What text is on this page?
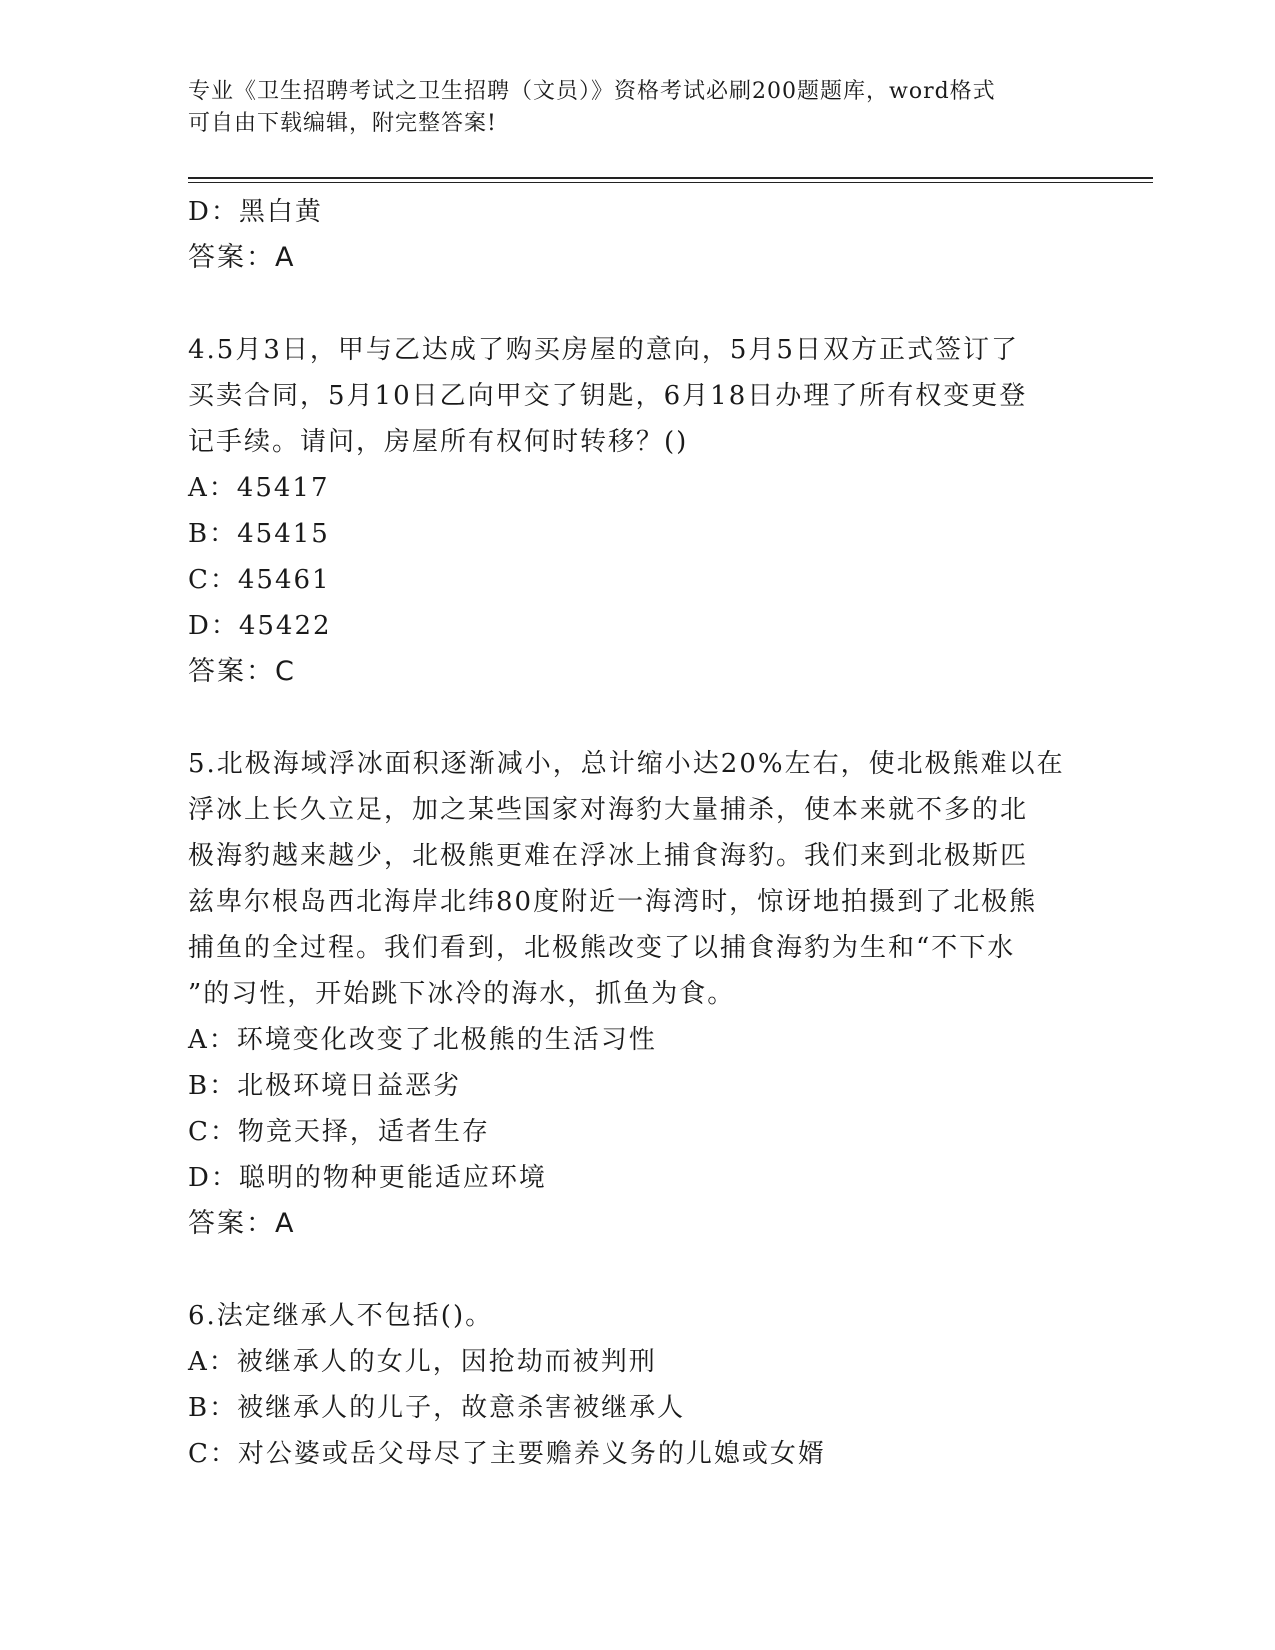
专业《卫生招聘考试之卫生招聘（文员）》资格考试必刷200题题库，word格式
可自由下载编辑，附完整答案!
D：黑白黄
答案：A
4.5月3日，甲与乙达成了购买房屋的意向，5月5日双方正式签订了
买卖合同，5月10日乙向甲交了钥匙，6月18日办理了所有权变更登
记手续。请问，房屋所有权何时转移？()
A：45417
B：45415
C：45461
D：45422
答案：C
5.北极海域浮冰面积逐渐减小，总计缩小达20%左右，使北极熊难以在
浮冰上长久立足，加之某些国家对海豹大量捕杀，使本来就不多的北
极海豹越来越少，北极熊更难在浮冰上捕食海豹。我们来到北极斯匹
兹卑尔根岛西北海岸北纬80度附近一海湾时，惊讶地拍摄到了北极熊
捕鱼的全过程。我们看到，北极熊改变了以捕食海豹为生和“不下水
”的习性，开始跳下冰冷的海水，抓鱼为食。
A：环境变化改变了北极熊的生活习性
B：北极环境日益恶劣
C：物竞天择，适者生存
D：聪明的物种更能适应环境
答案：A
6.法定继承人不包括()。
A：被继承人的女儿，因抢劫而被判刑
B：被继承人的儿子，故意杀害被继承人
C：对公婆或岳父母尽了主要赡养义务的儿媳或女婿
